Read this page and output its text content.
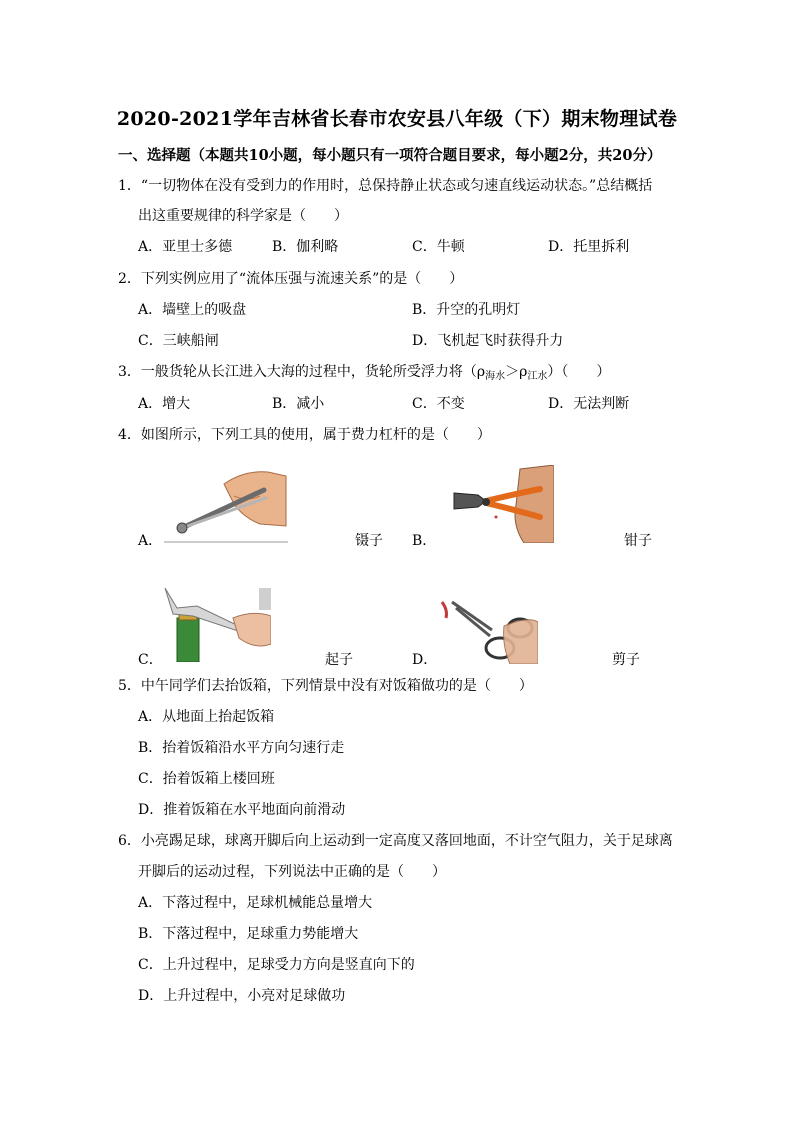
2020-2021学年吉林省长春市农安县八年级（下）期末物理试卷
一、选择题（本题共10小题，每小题只有一项符合题目要求，每小题2分，共20分）
1．“一切物体在没有受到力的作用时，总保持静止状态或匀速直线运动状态。”总结概括
出这重要规律的科学家是（　　）
A．亚里士多德	B．伽利略	C．牛顿	D．托里拆利
2．下列实例应用了“流体压强与流速关系”的是（　　）
A．墙壁上的吸盘	B．升空的孔明灯
C．三峡船闸	D．飞机起飞时获得升力
3．一般货轮从长江进入大海的过程中，货轮所受浮力将$(\rho_{海水}>\rho_{江水})$（　　）
A．增大	B．减小	C．不变	D．无法判断
4．如图所示，下列工具的使用，属于费力杠杆的是（　　）
A．	镊子 B．	钳子
C．	起子	D．	剪子
5．中午同学们去抬饭箱，下列情景中没有对饭箱做功的是（　　）
A．从地面上抬起饭箱
B．抬着饭箱沿水平方向匀速行走
C．抬着饭箱上楼回班
D．推着饭箱在水平地面向前滑动
6．小亮踢足球，球离开脚后向上运动到一定高度又落回地面，不计空气阻力，关于足球离
开脚后的运动过程，下列说法中正确的是（　　）
A．下落过程中，足球机械能总量增大
B．下落过程中，足球重力势能增大
C．上升过程中，足球受力方向是竖直向下的
D．上升过程中，小亮对足球做功
